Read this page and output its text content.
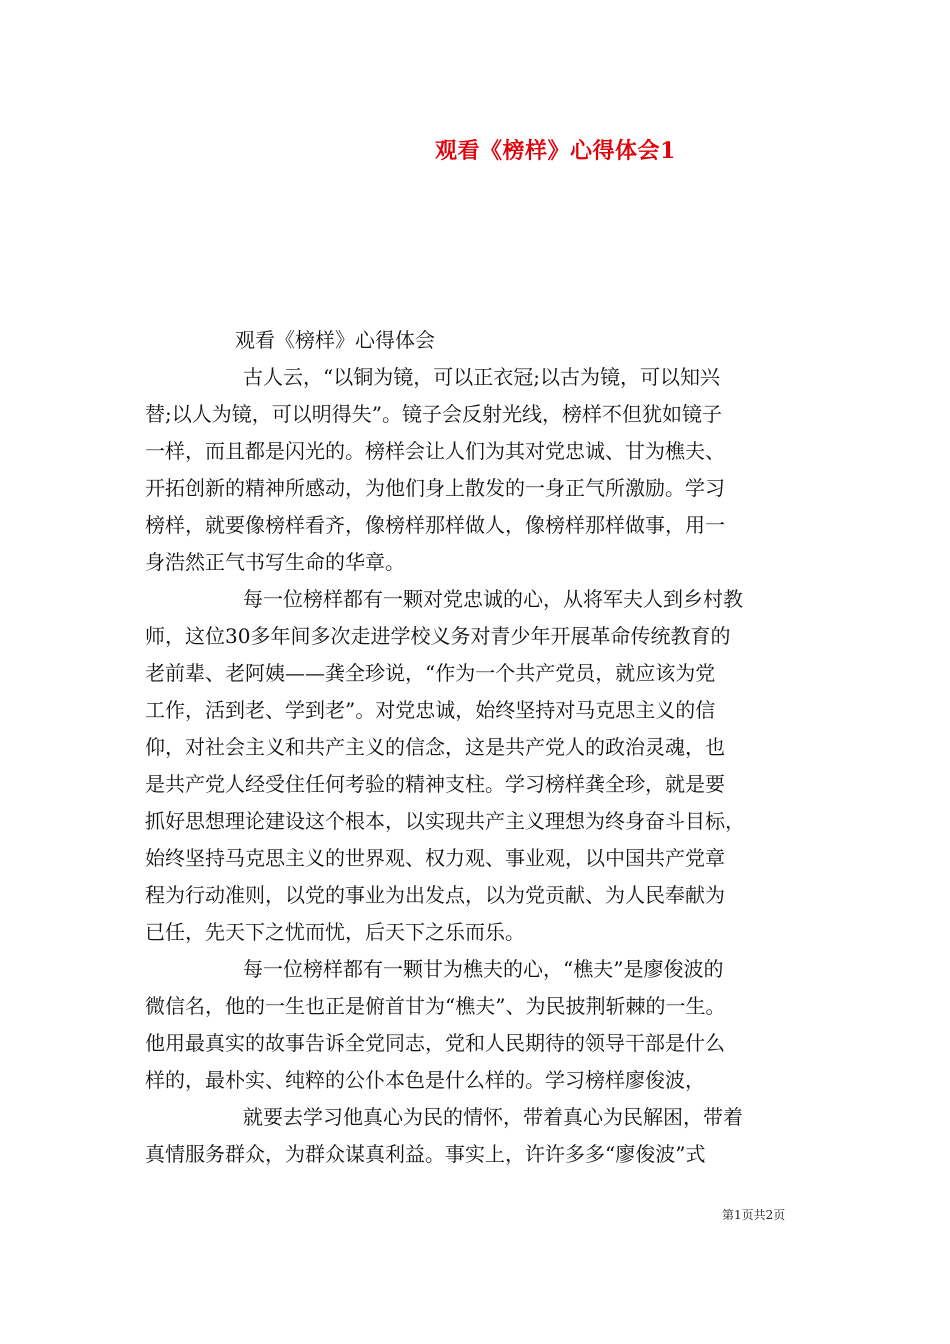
观看《榜样》心得体会1

观看《榜样》心得体会

古人云，“以铜为镜，可以正衣冠;以古为镜，可以知兴

替;以人为镜，可以明得失”。镜子会反射光线，榜样不但犹如镜子

一样，而且都是闪光的。榜样会让人们为其对党忠诚、甘为樵夫、

开拓创新的精神所感动，为他们身上散发的一身正气所激励。学习

榜样，就要像榜样看齐，像榜样那样做人，像榜样那样做事，用一

身浩然正气书写生命的华章。

每一位榜样都有一颗对党忠诚的心，从将军夫人到乡村教

师，这位30多年间多次走进学校义务对青少年开展革命传统教育的

老前辈、老阿姨——龚全珍说，“作为一个共产党员，就应该为党

工作，活到老、学到老”。对党忠诚，始终坚持对马克思主义的信

仰，对社会主义和共产主义的信念，这是共产党人的政治灵魂，也

是共产党人经受住任何考验的精神支柱。学习榜样龚全珍，就是要

抓好思想理论建设这个根本，以实现共产主义理想为终身奋斗目标，

始终坚持马克思主义的世界观、权力观、事业观，以中国共产党章

程为行动准则，以党的事业为出发点，以为党贡献、为人民奉献为

已任，先天下之忧而忧，后天下之乐而乐。

每一位榜样都有一颗甘为樵夫的心，“樵夫”是廖俊波的

微信名，他的一生也正是俯首甘为“樵夫”、为民披荆斩棘的一生。

他用最真实的故事告诉全党同志，党和人民期待的领导干部是什么

样的，最朴实、纯粹的公仆本色是什么样的。学习榜样廖俊波，

就要去学习他真心为民的情怀，带着真心为民解困，带着

真情服务群众，为群众谋真利益。事实上，许许多多“廖俊波”式

第1页共2页
